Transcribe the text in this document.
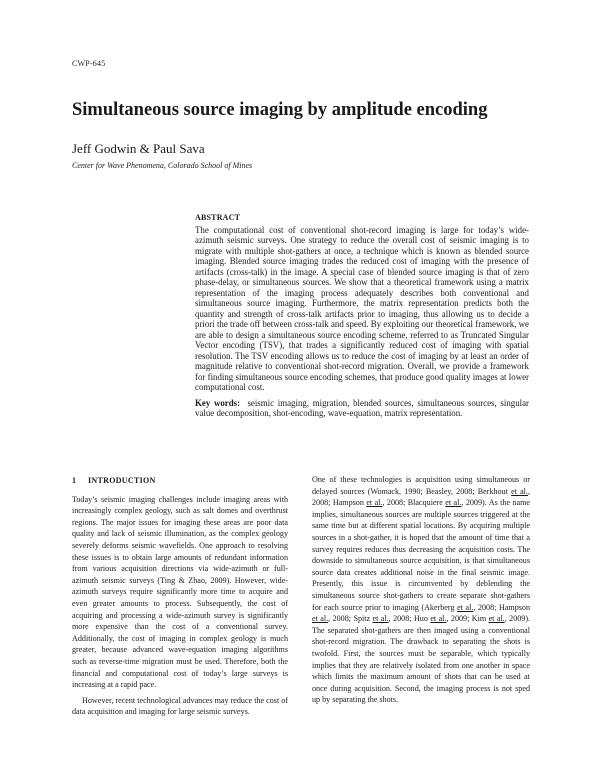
CWP-645
Simultaneous source imaging by amplitude encoding
Jeff Godwin & Paul Sava
Center for Wave Phenomena, Colorado School of Mines
ABSTRACT

The computational cost of conventional shot-record imaging is large for today’s wide-azimuth seismic surveys. One strategy to reduce the overall cost of seismic imaging is to migrate with multiple shot-gathers at once, a technique which is known as blended source imaging. Blended source imaging trades the reduced cost of imaging with the presence of artifacts (cross-talk) in the image. A special case of blended source imaging is that of zero phase-delay, or simultaneous sources. We show that a theoretical framework using a matrix representation of the imaging process adequately describes both conventional and simultaneous source imaging. Furthermore, the matrix representation predicts both the quantity and strength of cross-talk artifacts prior to imaging, thus allowing us to decide a priori the trade off between cross-talk and speed. By exploiting our theoretical framework, we are able to design a simultaneous source encoding scheme, referred to as Truncated Singular Vector encoding (TSV), that trades a significantly reduced cost of imaging with spatial resolution. The TSV encoding allows us to reduce the cost of imaging by at least an order of magnitude relative to conventional shot-record migration. Overall, we provide a framework for finding simultaneous source encoding schemes, that produce good quality images at lower computational cost.

Key words: seismic imaging, migration, blended sources, simultaneous sources, singular value decomposition, shot-encoding, wave-equation, matrix representation.

1 INTRODUCTION

Today’s seismic imaging challenges include imaging areas with increasingly complex geology, such as salt domes and overthrust regions. The major issues for imaging these areas are poor data quality and lack of seismic illumination, as the complex geology severely deforms seismic wavefields. One approach to resolving these issues is to obtain large amounts of redundant information from various acquisition directions via wide-azimuth or full-azimuth seismic surveys (Ting & Zhao, 2009). However, wide-azimuth surveys require significantly more time to acquire and even greater amounts to process. Subsequently, the cost of acquiring and processing a wide-azimuth survey is significantly more expensive than the cost of a conventional survey. Additionally, the cost of imaging in complex geology is much greater, because advanced wave-equation imaging algorithms such as reverse-time migration must be used. Therefore, both the financial and computational cost of today’s large surveys is increasing at a rapid pace.

However, recent technological advances may reduce the cost of data acquisition and imaging for large seismic surveys.

One of these technologies is acquisition using simultaneous or delayed sources (Womack, 1990; Beasley, 2008; Berkhout et al., 2008; Hampson et al., 2008; Blacquiere et al., 2009). As the name implies, simultaneous sources are multiple sources triggered at the same time but at different spatial locations. By acquiring multiple sources in a shot-gather, it is hoped that the amount of time that a survey requires reduces thus decreasing the acquisition costs. The downside to simultaneous source acquisition, is that simultaneous source data creates additional noise in the final seismic image. Presently, this issue is circumvented by deblending the simultaneous source shot-gathers to create separate shot-gathers for each source prior to imaging (Akerberg et al., 2008; Hampson et al., 2008; Spitz et al., 2008; Huo et al., 2009; Kim et al., 2009). The separated shot-gathers are then imaged using a conventional shot-record migration. The drawback to separating the shots is twofold. First, the sources must be separable, which typically implies that they are relatively isolated from one another in space which limits the maximum amount of shots that can be used at once during acquisition. Second, the imaging process is not sped up by separating the shots.
